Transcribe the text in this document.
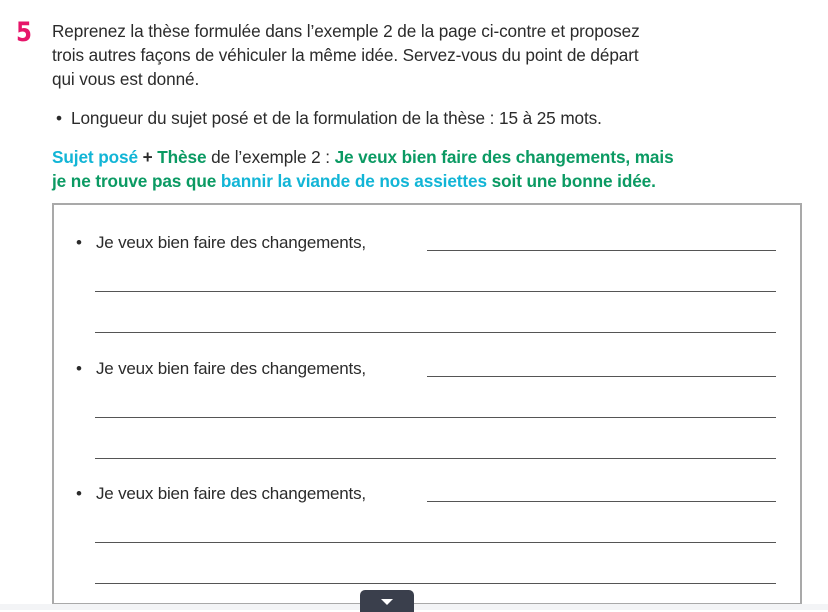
5 Reprenez la thèse formulée dans l’exemple 2 de la page ci-contre et proposez
trois autres façons de véhiculer la même idée. Servez-vous du point de départ
qui vous est donné.
• Longueur du sujet posé et de la formulation de la thèse : 15 à 25 mots.
Sujet posé + Thèse de l’exemple 2 : Je veux bien faire des changements, mais
je ne trouve pas que bannir la viande de nos assiettes soit une bonne idée.
• Je veux bien faire des changements,
• Je veux bien faire des changements,
• Je veux bien faire des changements,
